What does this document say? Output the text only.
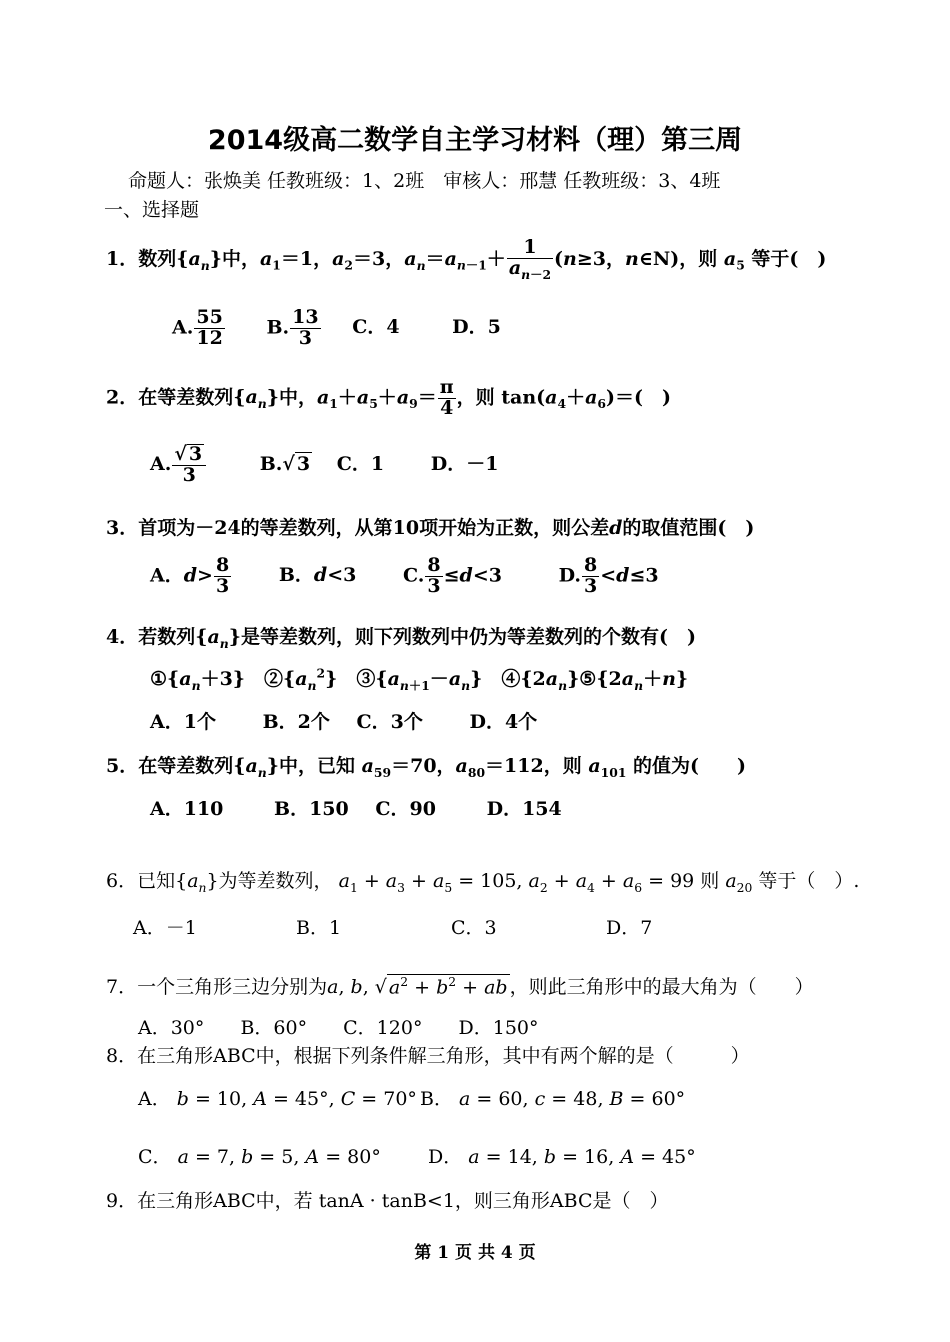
2014级高二数学自主学习材料（理）第三周
命题人：张焕美 任教班级：1、2班　审核人：邢慧 任教班级：3、4班
一、选择题
1．数列$\{a_n\}$中，$a_1=1$，$a_2=3$，$a_n=a_{n-1}+ \frac{1}{a_{n-2}} (n\ge 3$，n∈N)，则 $a_5$ 等于(　)
A. $\frac{55}{12} B$. $\frac{13}{3}$ C．4	D．5
2．在等差数列$\{a_n\}$中，$a_1+a_5+a_9= \frac{\pi}{4}$ ，则 $\tan(a_4+a_6)=$(　)
A. $\frac{√ 3}{3}$	B.√ 3 C．1 D．－1
3．首项为－24的等差数列，从第10项开始为正数，则公差d的取值范围(　)
A．$d> \frac{8}{3}$	B．d<3 C. $\frac{8}{3} \le d<3$	D. $\frac{8}{3} <d\le 3$
4．若数列$\{a_n\}$是等差数列，则下列数列中仍为等差数列的个数有(　)
$①\{a_n+3\}$　$②\{a_n^2\}$　$③\{a_{n+1}-a_n\}$　$④\{2a_n\}⑤\{2a_n+n\}$
A．1个 B．2个 C．3个 D．4个
5．在等差数列$\{a_n\}$中，已知 $a_{59}=70$，$a_{80}=112$，则 $a_{101}$ 的值为(　　)
A．110	B．150 C．90	D．154
6．已知$\{a_n\}$为等差数列， $a_1 + a_3 + a_5 = 105$, $a_2 + a_4 + a_6 = 99$ 则 $a_{20}$ 等于（　）.
A．－1	B．1	C．3	D．7
7．一个三角形三边分别为a, b, √ $a^2 + b^2$ + ab ，则此三角形中的最大角为（　　）
A．30° B．60° C．120° D．150°
8．在三角形ABC中，根据下列条件解三角形，其中有两个解的是（　　　）
A． b = 10, A = 45°, C = 70° B． a = 60, c = 48, B = 60°
C． a = 7, b = 5, A = 80° D． a = 14, b = 16, A = 45°
9．在三角形ABC中，若 tanA · tanB<1，则三角形ABC是（　）
第 1 页 共 4 页
